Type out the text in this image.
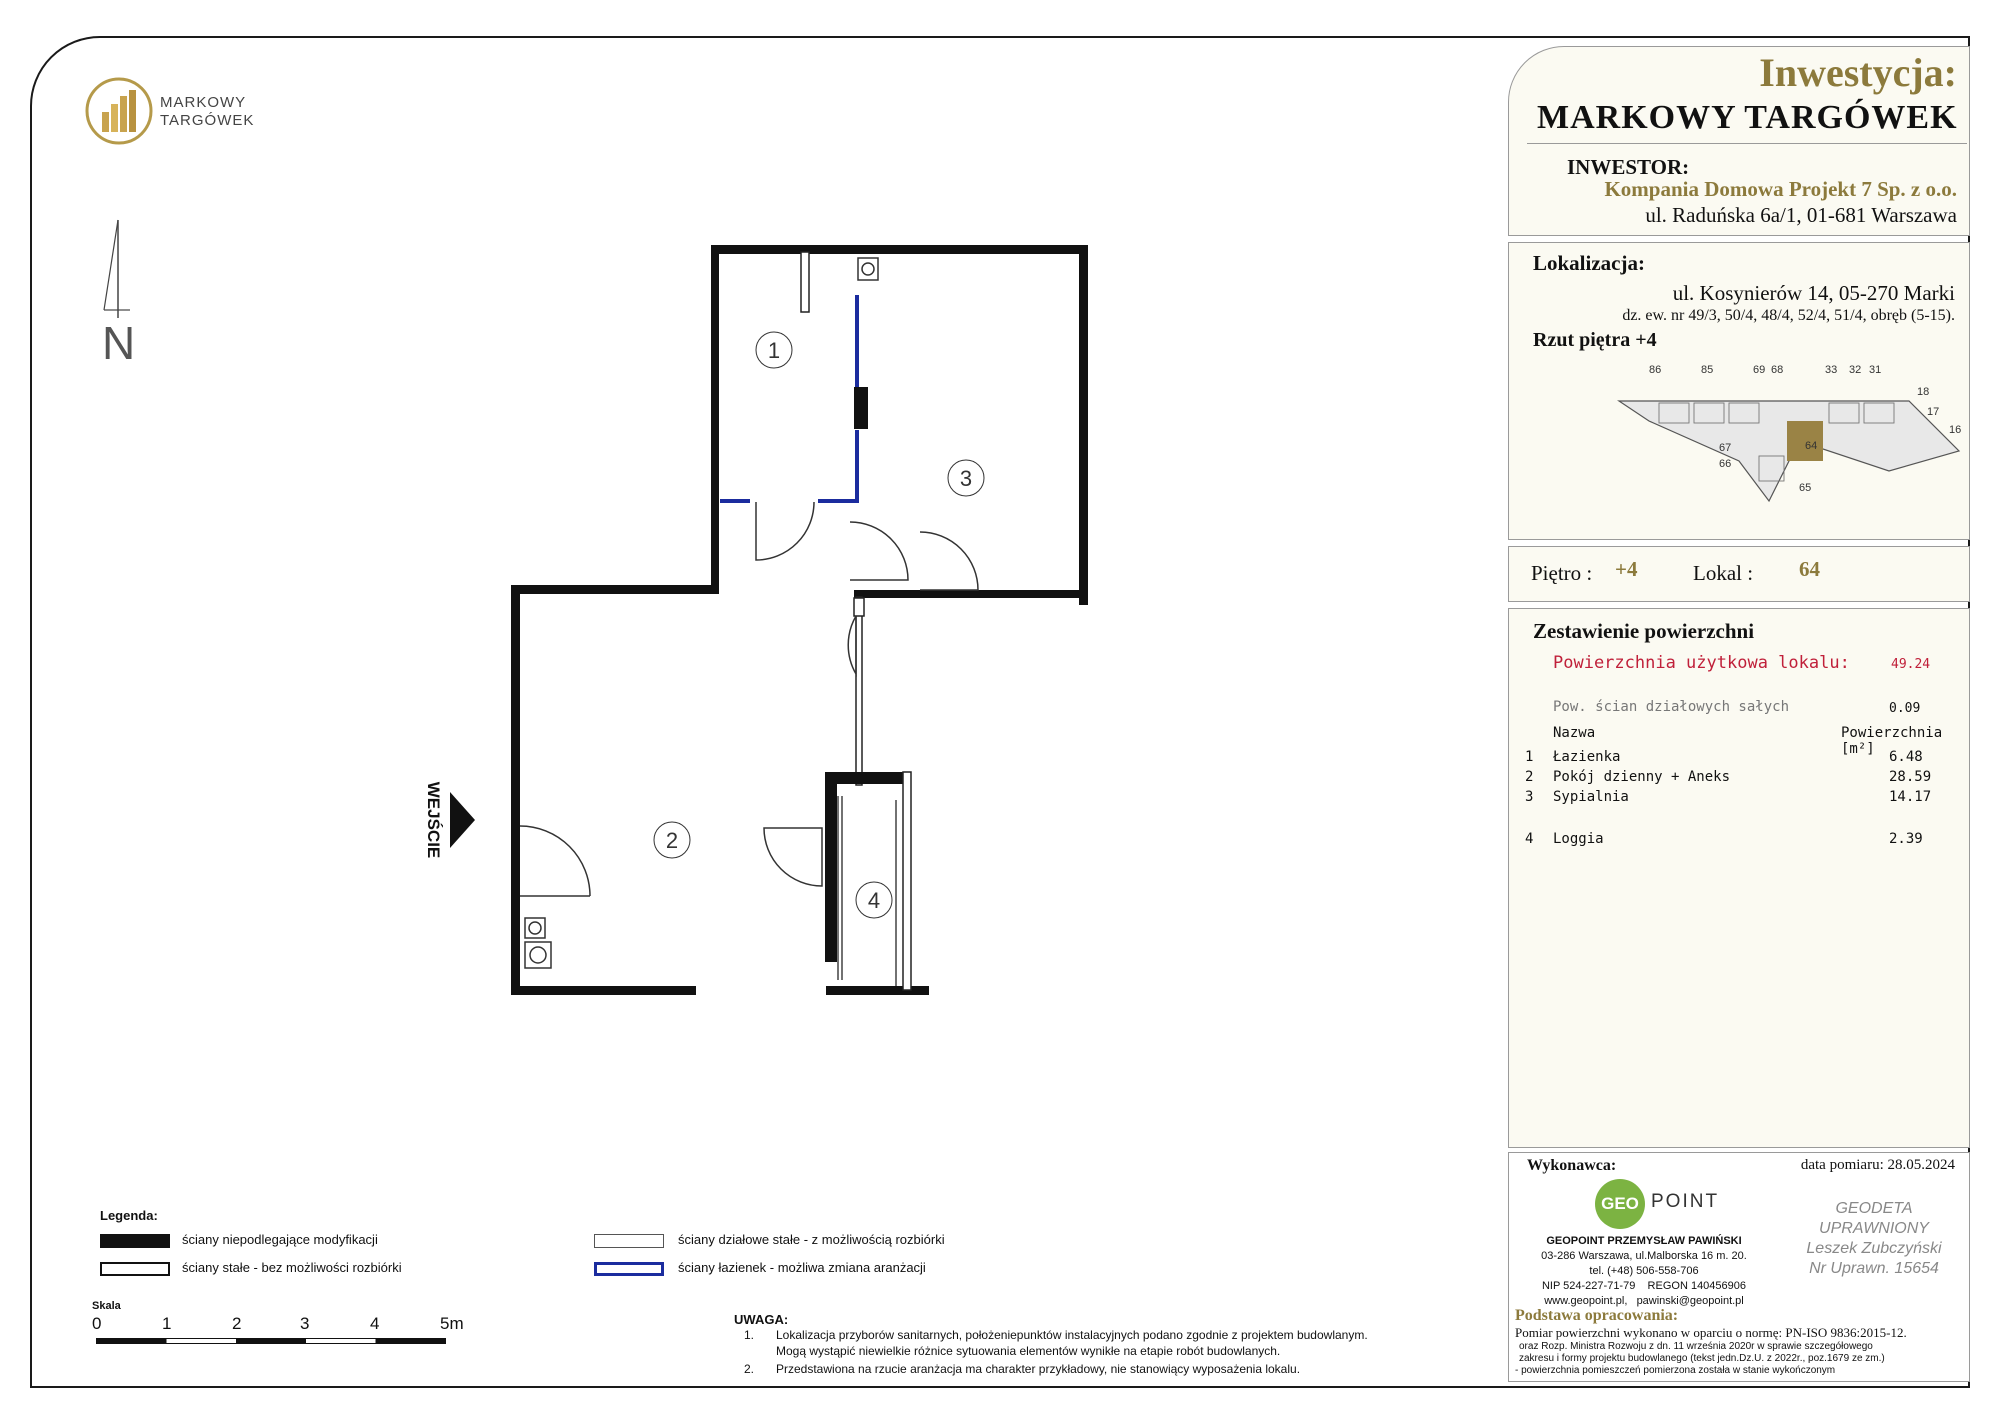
MARKOWY
TARGÓWEK
N	1
2
3
4
WEJŚCIE
Inwestycja:
MARKOWY TARGÓWEK
INWESTOR:
Kompania Domowa Projekt 7 Sp. z o.o.
ul. Raduńska 6a/1, 01-681 Warszawa
Lokalizacja:
ul. Kosynierów 14, 05-270 Marki
dz. ew. nr 49/3, 50/4, 48/4, 52/4, 51/4, obręb (5-15).
Rzut piętra +4
86	85	69 68	33 32 31
18
17
16
67	64
66
65
Piętro : +4	Lokal : 64
Zestawienie powierzchni
Powierzchnia użytkowa lokalu:	49.24
Pow. ścian działowych sałych	0.09
Nazwa	Powierzchnia [m²]
1 Łazienka	6.48
2 Pokój dzienny + Aneks	28.59
3 Sypialnia	14.17
4 Loggia	2.39
Wykonawca:	data pomiaru: 28.05.2024
GEO POINT
GEOPOINT PRZEMYSŁAW PAWIŃSKI
03-286 Warszawa, ul.Malborska 16 m. 20.
tel. (+48) 506-558-706
NIP 524-227-71-79    REGON 140456906
www.geopoint.pl,   pawinski@geopoint.pl
GEODETA UPRAWNIONY
Leszek Zubczyński
Nr Uprawn. 15654
Podstawa opracowania:
Pomiar powierzchni wykonano w oparciu o normę: PN-ISO 9836:2015-12.
oraz Rozp. Ministra Rozwoju z dn. 11 września 2020r w sprawie szczegółowego
zakresu i formy projektu budowlanego (tekst jedn.Dz.U. z 2022r., poz.1679 ze zm.)
- powierzchnia pomieszczeń pomierzona została w stanie wykończonym
Legenda:
ściany niepodlegające modyfikacji
ściany stałe - bez możliwości rozbiórki
ściany działowe stałe - z możliwością rozbiórki
ściany łazienek - możliwa zmiana aranżacji
Skala
0	1	2	3	4	5m	UWAGA:
1. Lokalizacja przyborów sanitarnych, położeniepunktów instalacyjnych podano zgodnie z projektem budowlanym.
Mogą wystąpić niewielkie różnice sytuowania elementów wynikłe na etapie robót budowlanych.
2. Przedstawiona na rzucie aranżacja ma charakter przykładowy, nie stanowiący wyposażenia lokalu.
